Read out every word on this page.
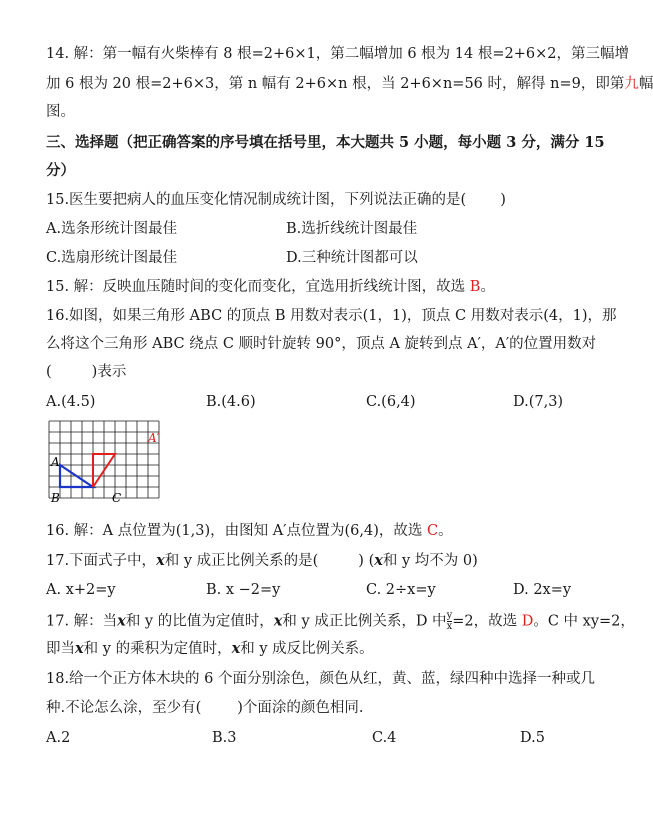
14. 解：第一幅有火柴棒有 8 根=2+6×1，第二幅增加 6 根为 14 根=2+6×2，第三幅增
加 6 根为 20 根=2+6×3，第 n 幅有 2+6×n 根，当 2+6×n=56 时，解得 n=9，即第九幅
图。
三、选择题（把正确答案的序号填在括号里，本大题共 5 小题，每小题 3 分，满分 15
分）
15.医生要把病人的血压变化情况制成统计图，下列说法正确的是( )
A.选条形统计图最佳	B.选折线统计图最佳
C.选扇形统计图最佳	D.三种统计图都可以
15. 解：反映血压随时间的变化而变化，宜选用折线统计图，故选 B。
16.如图，如果三角形 ABC 的顶点 B 用数对表示(1，1)，顶点 C 用数对表示(4，1)，那
么将这个三角形 ABC 绕点 C 顺时针旋转 90°，顶点 A 旋转到点 A′，A′的位置用数对
(	)表示
A.(4.5)	B.(4.6)	C.(6,4)	D.(7,3)
A
B	C
A′
16. 解：A 点位置为(1,3)，由图知 A′点位置为(6,4)，故选 C。
17.下面式子中，x和 y 成正比例关系的是(	) (x和 y 均不为 0)
A. x+2=y	B. x −2=y	C. 2÷x=y	D. 2x=y
17. 解：当x和 y 的比值为定值时，x和 y 成正比例关系，D 中 $\frac{y}{x} =2$，故选 D。C 中 xy=2，
即当x和 y 的乘积为定值时，x和 y 成反比例关系。
18.给一个正方体木块的 6 个面分别涂色，颜色从红，黄、蓝，绿四种中选择一种或几
种.不论怎么涂，至少有( )个面涂的颜色相同.
A.2	B.3	C.4	D.5
